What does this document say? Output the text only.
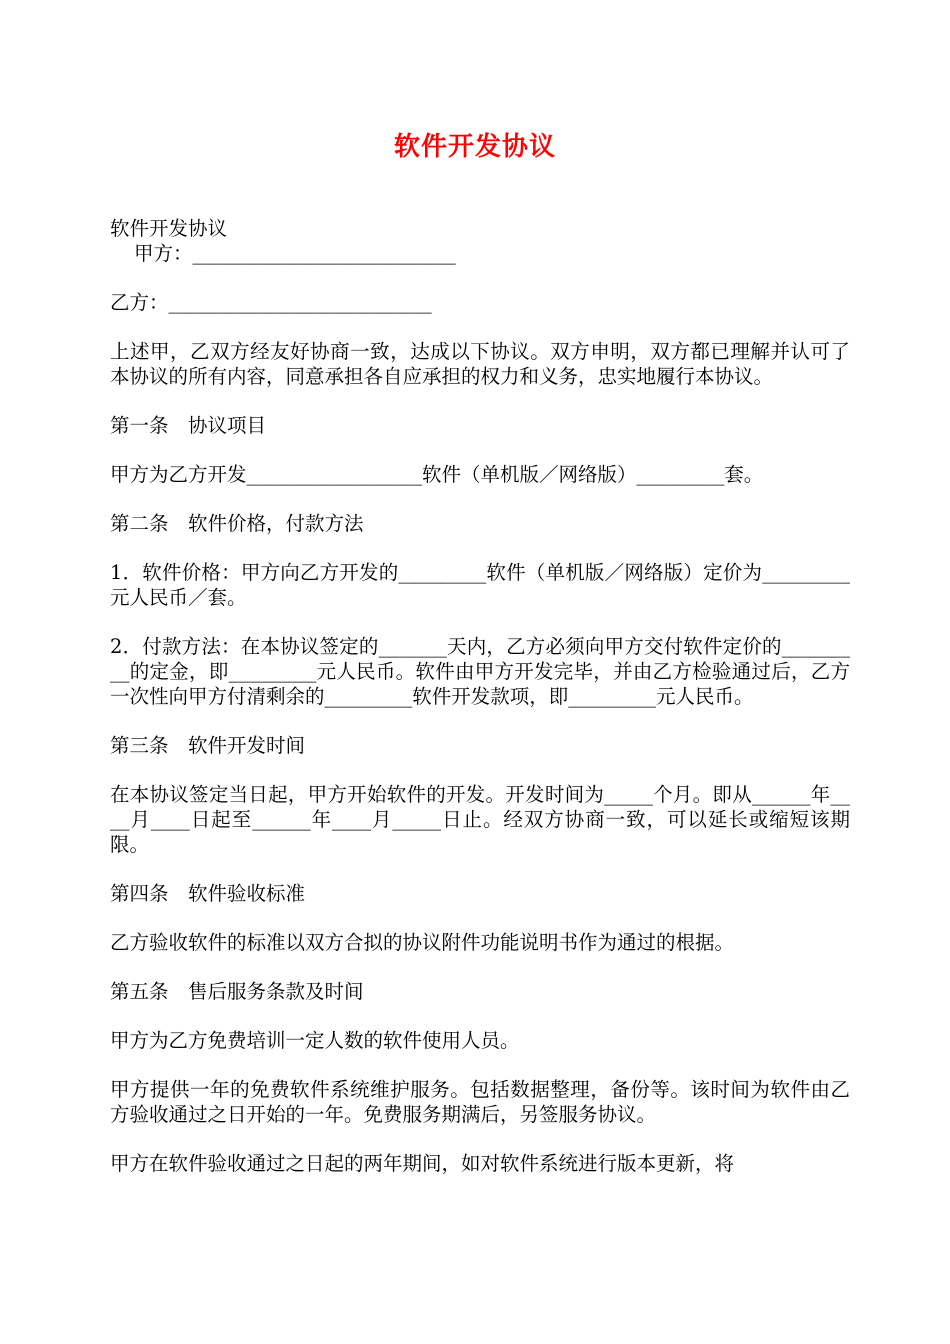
软件开发协议
软件开发协议
甲方：___________________________
乙方：___________________________
上述甲，乙双方经友好协商一致，达成以下协议。双方申明，双方都已理解并认可了本协议的所有内容，同意承担各自应承担的权力和义务，忠实地履行本协议。
第一条　协议项目
甲方为乙方开发__________________软件（单机版／网络版）_________套。
第二条　软件价格，付款方法
1．软件价格：甲方向乙方开发的_________软件（单机版／网络版）定价为_________元人民币／套。
2．付款方法：在本协议签定的_______天内，乙方必须向甲方交付软件定价的_________的定金，即_________元人民币。软件由甲方开发完毕，并由乙方检验通过后，乙方一次性向甲方付清剩余的_________软件开发款项，即_________元人民币。
第三条　软件开发时间
在本协议签定当日起，甲方开始软件的开发。开发时间为_____个月。即从______年____月____日起至______年____月_____日止。经双方协商一致，可以延长或缩短该期限。
第四条　软件验收标准
乙方验收软件的标准以双方合拟的协议附件功能说明书作为通过的根据。
第五条　售后服务条款及时间
甲方为乙方免费培训一定人数的软件使用人员。
甲方提供一年的免费软件系统维护服务。包括数据整理，备份等。该时间为软件由乙方验收通过之日开始的一年。免费服务期满后，另签服务协议。
甲方在软件验收通过之日起的两年期间，如对软件系统进行版本更新，将
